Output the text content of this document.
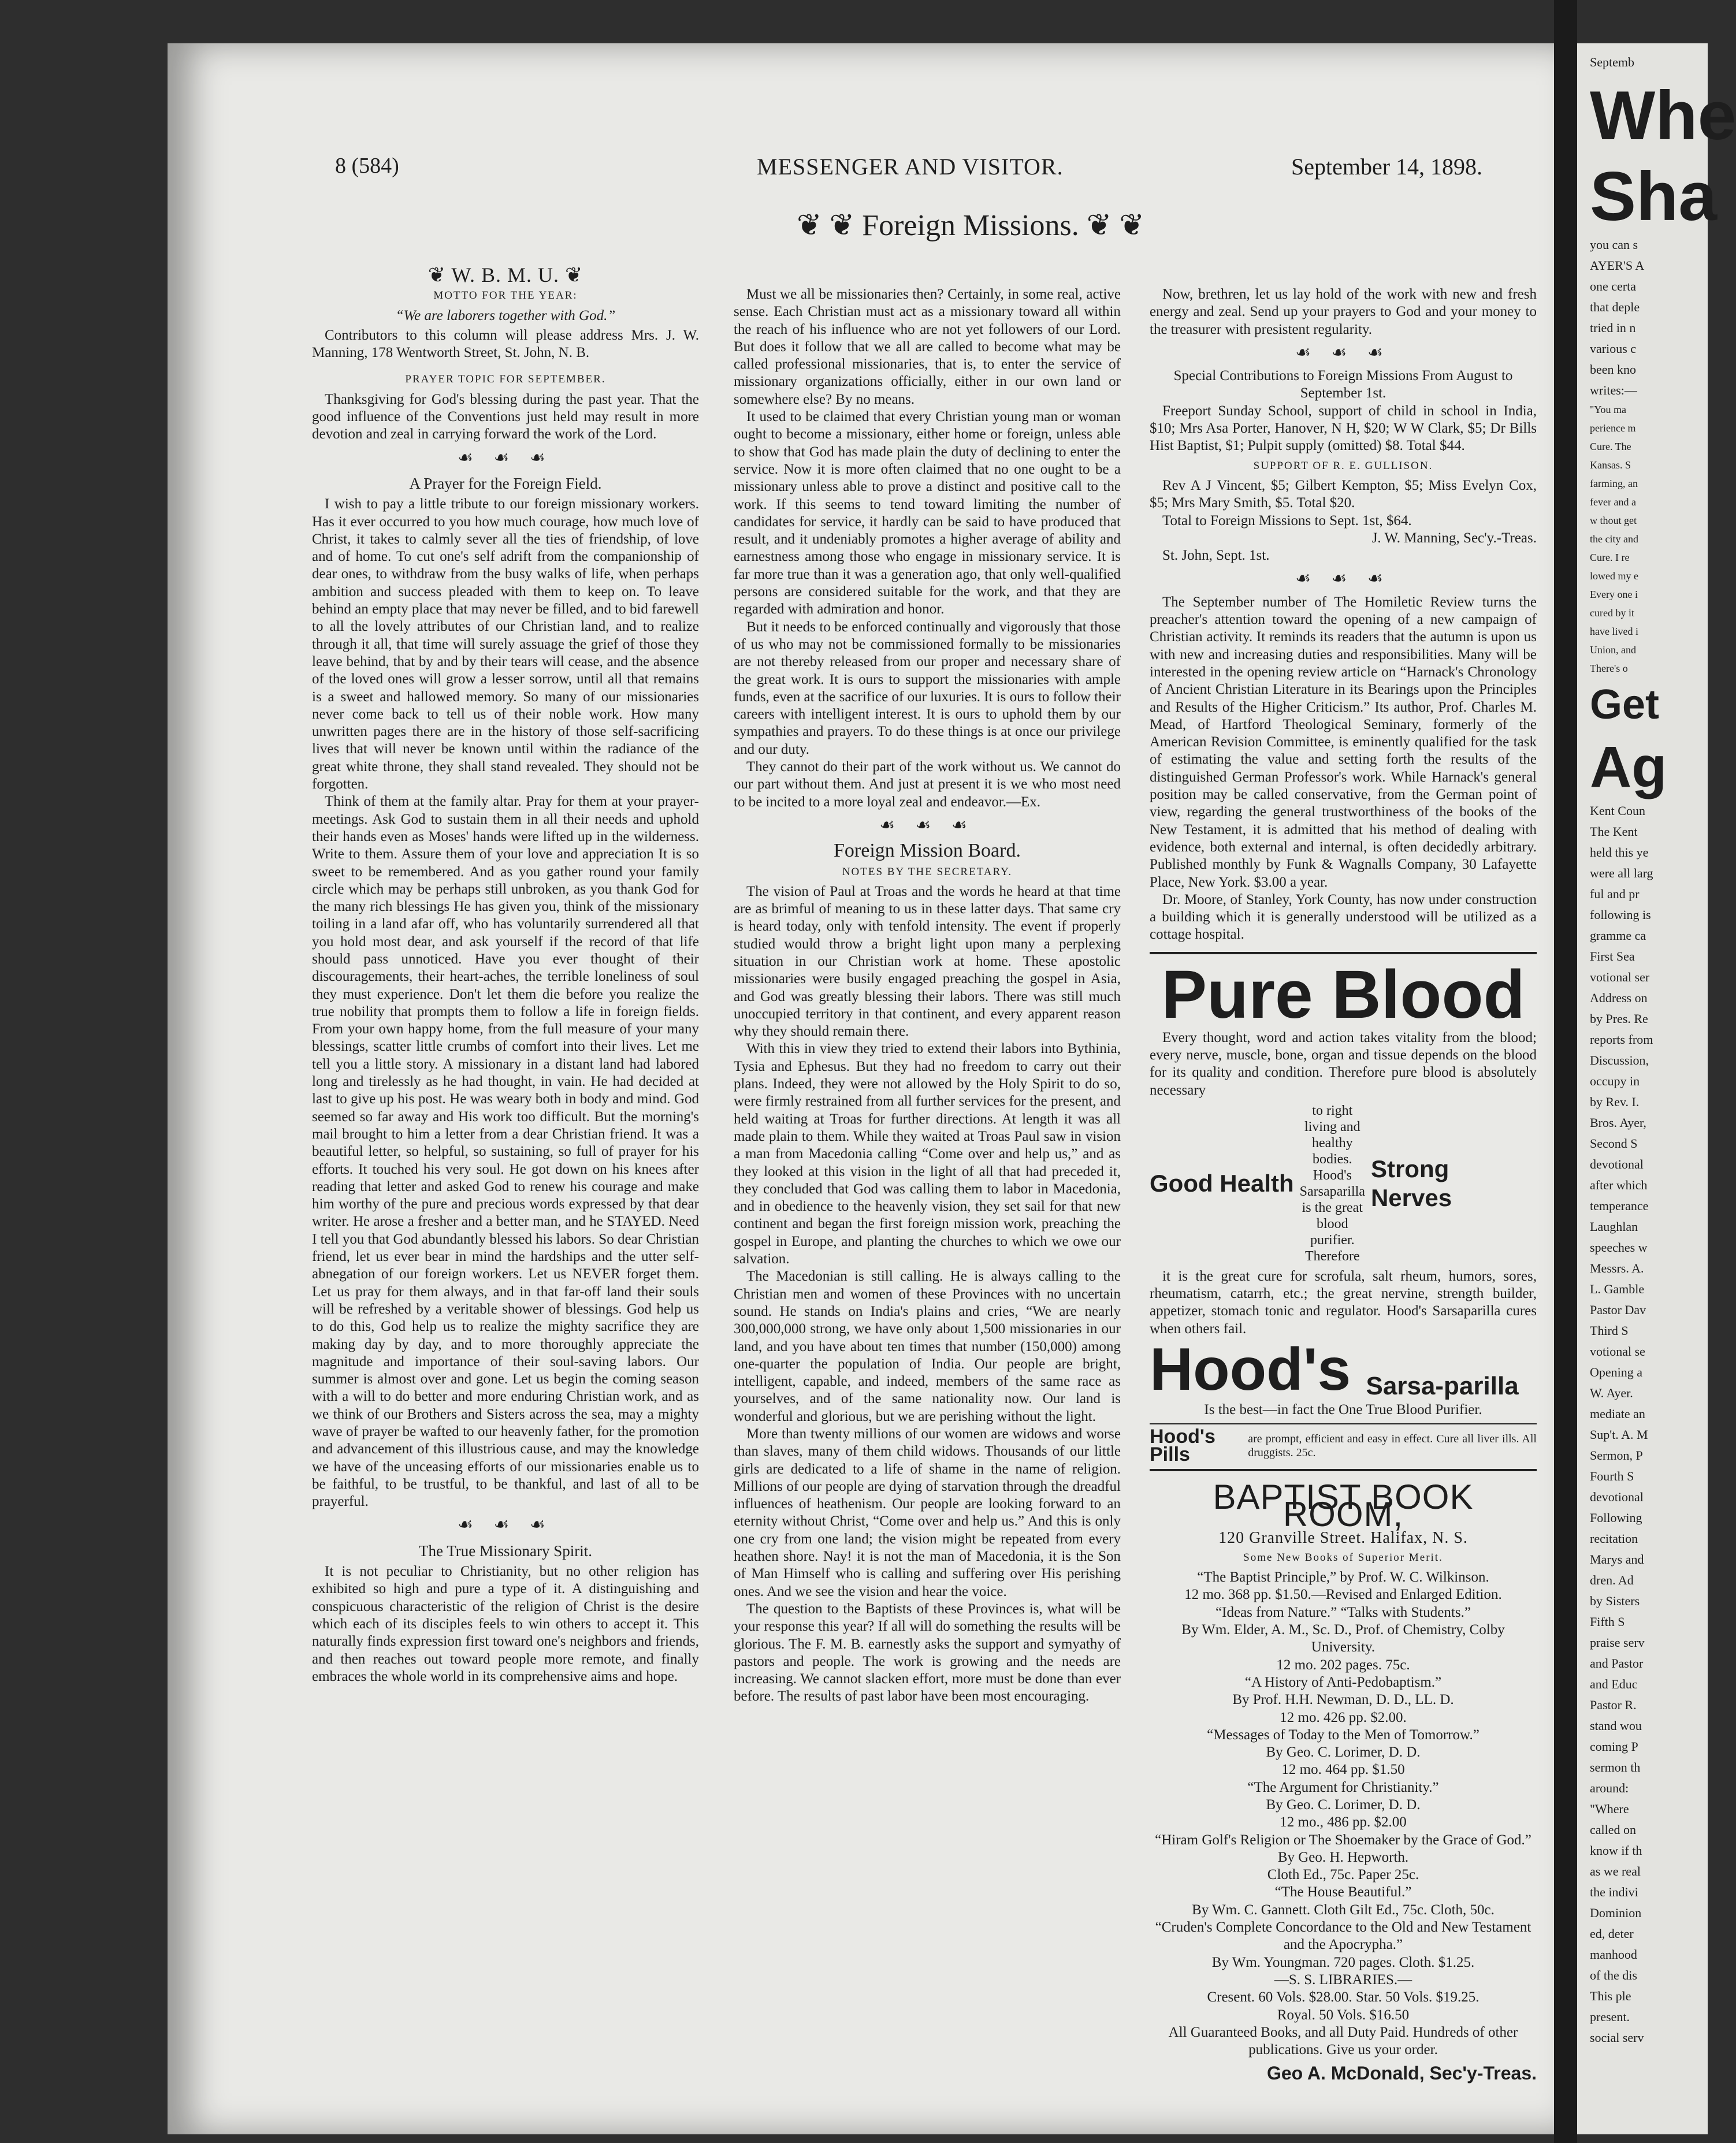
8 (584)	MESSENGER AND VISITOR.	September 14, 1898.
❦ ❦ Foreign Missions. ❦ ❦
❦ W. B. M. U. ❦
MOTTO FOR THE YEAR:
“We are laborers together with God.”

Contributors to this column will please address Mrs. J. W. Manning, 178 Wentworth Street, St. John, N. B.

PRAYER TOPIC FOR SEPTEMBER.

Thanksgiving for God's blessing during the past year. That the good influence of the Conventions just held may result in more devotion and zeal in carrying forward the work of the Lord.

☙ ☙ ☙
A Prayer for the Foreign Field.

I wish to pay a little tribute to our foreign missionary workers. Has it ever occurred to you how much courage, how much love of Christ, it takes to calmly sever all the ties of friendship, of love and of home. To cut one's self adrift from the companionship of dear ones, to withdraw from the busy walks of life, when perhaps ambition and success pleaded with them to keep on. To leave behind an empty place that may never be filled, and to bid farewell to all the lovely attributes of our Christian land, and to realize through it all, that time will surely assuage the grief of those they leave behind, that by and by their tears will cease, and the absence of the loved ones will grow a lesser sorrow, until all that remains is a sweet and hallowed memory. So many of our missionaries never come back to tell us of their noble work. How many unwritten pages there are in the history of those self-sacrificing lives that will never be known until within the radiance of the great white throne, they shall stand revealed. They should not be forgotten.

Think of them at the family altar. Pray for them at your prayer-meetings. Ask God to sustain them in all their needs and uphold their hands even as Moses' hands were lifted up in the wilderness. Write to them. Assure them of your love and appreciation It is so sweet to be remembered. And as you gather round your family circle which may be perhaps still unbroken, as you thank God for the many rich blessings He has given you, think of the missionary toiling in a land afar off, who has voluntarily surrendered all that you hold most dear, and ask yourself if the record of that life should pass unnoticed. Have you ever thought of their discouragements, their heart-aches, the terrible loneliness of soul they must experience. Don't let them die before you realize the true nobility that prompts them to follow a life in foreign fields. From your own happy home, from the full measure of your many blessings, scatter little crumbs of comfort into their lives. Let me tell you a little story. A missionary in a distant land had labored long and tirelessly as he had thought, in vain. He had decided at last to give up his post. He was weary both in body and mind. God seemed so far away and His work too difficult. But the morning's mail brought to him a letter from a dear Christian friend. It was a beautiful letter, so helpful, so sustaining, so full of prayer for his efforts. It touched his very soul. He got down on his knees after reading that letter and asked God to renew his courage and make him worthy of the pure and precious words expressed by that dear writer. He arose a fresher and a better man, and he STAYED. Need I tell you that God abundantly blessed his labors. So dear Christian friend, let us ever bear in mind the hardships and the utter self-abnegation of our foreign workers. Let us NEVER forget them. Let us pray for them always, and in that far-off land their souls will be refreshed by a veritable shower of blessings. God help us to do this, God help us to realize the mighty sacrifice they are making day by day, and to more thoroughly appreciate the magnitude and importance of their soul-saving labors. Our summer is almost over and gone. Let us begin the coming season with a will to do better and more enduring Christian work, and as we think of our Brothers and Sisters across the sea, may a mighty wave of prayer be wafted to our heavenly father, for the promotion and advancement of this illustrious cause, and may the knowledge we have of the unceasing efforts of our missionaries enable us to be faithful, to be trustful, to be thankful, and last of all to be prayerful.

☙ ☙ ☙
The True Missionary Spirit.

It is not peculiar to Christianity, but no other religion has exhibited so high and pure a type of it. A distinguishing and conspicuous characteristic of the religion of Christ is the desire which each of its disciples feels to win others to accept it. This naturally finds expression first toward one's neighbors and friends, and then reaches out toward people more remote, and finally embraces the whole world in its comprehensive aims and hope.

Must we all be missionaries then? Certainly, in some real, active sense. Each Christian must act as a missionary toward all within the reach of his influence who are not yet followers of our Lord. But does it follow that we all are called to become what may be called professional missionaries, that is, to enter the service of missionary organizations officially, either in our own land or somewhere else? By no means.

It used to be claimed that every Christian young man or woman ought to become a missionary, either home or foreign, unless able to show that God has made plain the duty of declining to enter the service. Now it is more often claimed that no one ought to be a missionary unless able to prove a distinct and positive call to the work. If this seems to tend toward limiting the number of candidates for service, it hardly can be said to have produced that result, and it undeniably promotes a higher average of ability and earnestness among those who engage in missionary service. It is far more true than it was a generation ago, that only well-qualified persons are considered suitable for the work, and that they are regarded with admiration and honor.

But it needs to be enforced continually and vigorously that those of us who may not be commissioned formally to be missionaries are not thereby released from our proper and necessary share of the great work. It is ours to support the missionaries with ample funds, even at the sacrifice of our luxuries. It is ours to follow their careers with intelligent interest. It is ours to uphold them by our sympathies and prayers. To do these things is at once our privilege and our duty.

They cannot do their part of the work without us. We cannot do our part without them. And just at present it is we who most need to be incited to a more loyal zeal and endeavor.—Ex.

☙ ☙ ☙
Foreign Mission Board.
NOTES BY THE SECRETARY.

The vision of Paul at Troas and the words he heard at that time are as brimful of meaning to us in these latter days. That same cry is heard today, only with tenfold intensity. The event if properly studied would throw a bright light upon many a perplexing situation in our Christian work at home. These apostolic missionaries were busily engaged preaching the gospel in Asia, and God was greatly blessing their labors. There was still much unoccupied territory in that continent, and every apparent reason why they should remain there.

With this in view they tried to extend their labors into Bythinia, Tysia and Ephesus. But they had no freedom to carry out their plans. Indeed, they were not allowed by the Holy Spirit to do so, were firmly restrained from all further services for the present, and held waiting at Troas for further directions. At length it was all made plain to them. While they waited at Troas Paul saw in vision a man from Macedonia calling “Come over and help us,” and as they looked at this vision in the light of all that had preceded it, they concluded that God was calling them to labor in Macedonia, and in obedience to the heavenly vision, they set sail for that new continent and began the first foreign mission work, preaching the gospel in Europe, and planting the churches to which we owe our salvation.

The Macedonian is still calling. He is always calling to the Christian men and women of these Provinces with no uncertain sound. He stands on India's plains and cries, “We are nearly 300,000,000 strong, we have only about 1,500 missionaries in our land, and you have about ten times that number (150,000) among one-quarter the population of India. Our people are bright, intelligent, capable, and indeed, members of the same race as yourselves, and of the same nationality now. Our land is wonderful and glorious, but we are perishing without the light.

More than twenty millions of our women are widows and worse than slaves, many of them child widows. Thousands of our little girls are dedicated to a life of shame in the name of religion. Millions of our people are dying of starvation through the dreadful influences of heathenism. Our people are looking forward to an eternity without Christ, “Come over and help us.” And this is only one cry from one land; the vision might be repeated from every heathen shore. Nay! it is not the man of Macedonia, it is the Son of Man Himself who is calling and suffering over His perishing ones. And we see the vision and hear the voice.

The question to the Baptists of these Provinces is, what will be your response this year? If all will do something the results will be glorious. The F. M. B. earnestly asks the support and symyathy of pastors and people. The work is growing and the needs are increasing. We cannot slacken effort, more must be done than ever before. The results of past labor have been most encouraging.

Now, brethren, let us lay hold of the work with new and fresh energy and zeal. Send up your prayers to God and your money to the treasurer with presistent regularity.

☙ ☙ ☙

Special Contributions to Foreign Missions From August to September 1st.

Freeport Sunday School, support of child in school in India, $10; Mrs Asa Porter, Hanover, N H, $20; W W Clark, $5; Dr Bills Hist Baptist, $1; Pulpit supply (omitted) $8. Total $44.

SUPPORT OF R. E. GULLISON.

Rev A J Vincent, $5; Gilbert Kempton, $5; Miss Evelyn Cox, $5; Mrs Mary Smith, $5. Total $20.

Total to Foreign Missions to Sept. 1st, $64.

J. W. Manning, Sec'y.-Treas.

St. John, Sept. 1st.

☙ ☙ ☙

The September number of The Homiletic Review turns the preacher's attention toward the opening of a new campaign of Christian activity. It reminds its readers that the autumn is upon us with new and increasing duties and responsibilities. Many will be interested in the opening review article on “Harnack's Chronology of Ancient Christian Literature in its Bearings upon the Principles and Results of the Higher Criticism.” Its author, Prof. Charles M. Mead, of Hartford Theological Seminary, formerly of the American Revision Committee, is eminently qualified for the task of estimating the value and setting forth the results of the distinguished German Professor's work. While Harnack's general position may be called conservative, from the German point of view, regarding the general trustworthiness of the books of the New Testament, it is admitted that his method of dealing with evidence, both external and internal, is often decidedly arbitrary. Published monthly by Funk & Wagnalls Company, 30 Lafayette Place, New York. $3.00 a year.

Dr. Moore, of Stanley, York County, has now under construction a building which it is generally understood will be utilized as a cottage hospital.

Pure Blood

Every thought, word and action takes vitality from the blood; every nerve, muscle, bone, organ and tissue depends on the blood for its quality and condition. Therefore pure blood is absolutely necessary

Good Health
to right living and healthy bodies. Hood's Sarsaparilla is the great blood purifier. Therefore
Strong Nerves

it is the great cure for scrofula, salt rheum, humors, sores, rheumatism, catarrh, etc.; the great nervine, strength builder, appetizer, stomach tonic and regulator. Hood's Sarsaparilla cures when others fail.

Hood's Sarsa-parilla

Is the best—in fact the One True Blood Purifier.

Hood's Pills
are prompt, efficient and easy in effect. Cure all liver ills. All druggists. 25c.
BAPTIST BOOK ROOM,

120 Granville Street. Halifax, N. S.

Some New Books of Superior Merit.

“The Baptist Principle,” by Prof. W. C. Wilkinson.

12 mo. 368 pp. $1.50.—Revised and Enlarged Edition.

“Ideas from Nature.” “Talks with Students.”

By Wm. Elder, A. M., Sc. D., Prof. of Chemistry, Colby University.

12 mo. 202 pages. 75c.

“A History of Anti-Pedobaptism.”

By Prof. H.H. Newman, D. D., LL. D.

12 mo. 426 pp. $2.00.

“Messages of Today to the Men of Tomorrow.”

By Geo. C. Lorimer, D. D.

12 mo. 464 pp. $1.50

“The Argument for Christianity.”

By Geo. C. Lorimer, D. D.

12 mo., 486 pp. $2.00

“Hiram Golf's Religion or The Shoemaker by the Grace of God.” By Geo. H. Hepworth.

Cloth Ed., 75c. Paper 25c.

“The House Beautiful.”

By Wm. C. Gannett. Cloth Gilt Ed., 75c. Cloth, 50c.

“Cruden's Complete Concordance to the Old and New Testament and the Apocrypha.”

By Wm. Youngman. 720 pages. Cloth. $1.25.

—S. S. LIBRARIES.—

Cresent. 60 Vols. $28.00. Star. 50 Vols. $19.25.

Royal. 50 Vols. $16.50

All Guaranteed Books, and all Duty Paid. Hundreds of other publications. Give us your order.

Geo A. McDonald, Sec'y-Treas.
Septemb
Whe
Sha
you can s
AYER'S A
one certa
that deple
tried in n
various c
been kno
writes:—
"You ma
perience m
Cure. The
Kansas. S
farming, an
fever and a
w thout get
the city and
Cure. I re
lowed my e
Every one i
cured by it
have lived i
Union, and
There's o
Get
Ag
Kent Coun
The Kent
held this ye
were all larg
ful and pr
following is
gramme ca
First Sea
votional ser
Address on
by Pres. Re
reports from
Discussion,
occupy in
by Rev. I.
Bros. Ayer,
Second S
devotional
after which
temperance
Laughlan
speeches w
Messrs. A.
L. Gamble
Pastor Dav
Third S
votional se
Opening a
W. Ayer.
mediate an
Sup't. A. M
Sermon, P
Fourth S
devotional
Following
recitation
Marys and
dren. Ad
by Sisters
Fifth S
praise serv
and Pastor
and Educ
Pastor R.
stand wou
coming P
sermon th
around:
"Where
called on
know if th
as we real
the indivi
Dominion
ed, deter
manhood
of the dis
This ple
present.
social serv
